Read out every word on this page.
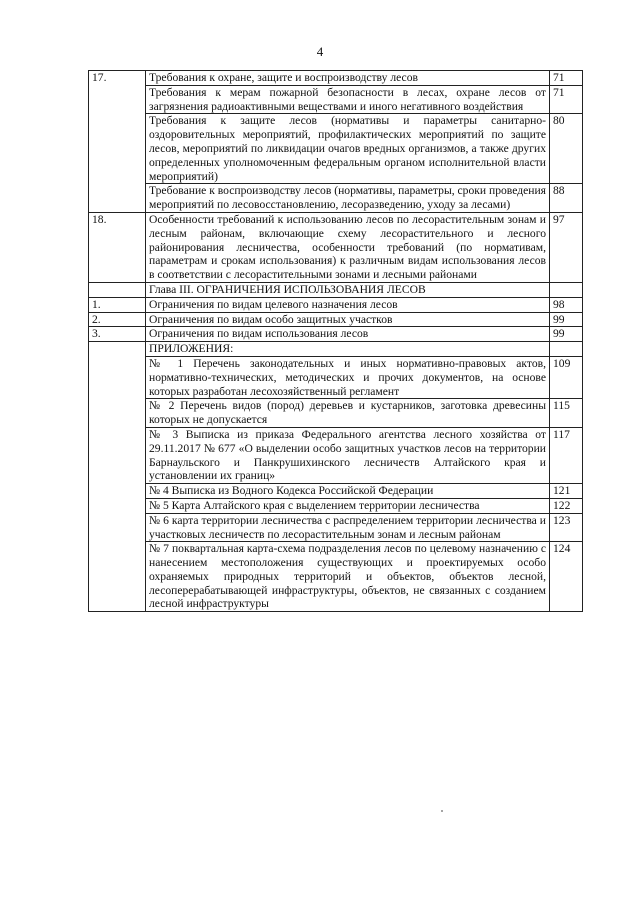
4
17.	Требования к охране, защите и воспроизводству лесов	71
	Требования к мерам пожарной безопасности в лесах, охране лесов от загрязнения радиоактивными веществами и иного негативного воздействия	71
	Требования к защите лесов (нормативы и параметры санитарно-оздоровительных мероприятий, профилактических мероприятий по защите лесов, мероприятий по ликвидации очагов вредных организмов, а также других определенных уполномоченным федеральным органом исполнительной власти мероприятий)	80
	Требование к воспроизводству лесов (нормативы, параметры, сроки проведения мероприятий по лесовосстановлению, лесоразведению, уходу за лесами)	88
18.	Особенности требований к использованию лесов по лесорастительным зонам и лесным районам, включающие схему лесорастительного и лесного районирования лесничества, особенности требований (по нормативам, параметрам и срокам использования) к различным видам использования лесов в соответствии с лесорастительными зонами и лесными районами	97
	Глава III. ОГРАНИЧЕНИЯ ИСПОЛЬЗОВАНИЯ ЛЕСОВ	
1.	Ограничения по видам целевого назначения лесов	98
2.	Ограничения по видам особо защитных участков	99
3.	Ограничения по видам использования лесов	99
	ПРИЛОЖЕНИЯ:	
	№ 1 Перечень законодательных и иных нормативно-правовых актов, нормативно-технических, методических и прочих документов, на основе которых разработан лесохозяйственный регламент	109
	№ 2 Перечень видов (пород) деревьев и кустарников, заготовка древесины которых не допускается	115
	№ 3 Выписка из приказа Федерального агентства лесного хозяйства от 29.11.2017 № 677 «О выделении особо защитных участков лесов на территории Барнаульского и Панкрушихинского лесничеств Алтайского края и установлении их границ»	117
	№ 4 Выписка из Водного Кодекса Российской Федерации	121
	№ 5 Карта Алтайского края с выделением территории лесничества	122
	№ 6 карта территории лесничества с распределением территории лесничества и участковых лесничеств по лесорастительным зонам и лесным районам	123
	№ 7 поквартальная карта-схема подразделения лесов по целевому назначению с нанесением местоположения существующих и проектируемых особо охраняемых природных территорий и объектов, объектов лесной, лесоперерабатывающей инфраструктуры, объектов, не связанных с созданием лесной инфраструктуры	124
